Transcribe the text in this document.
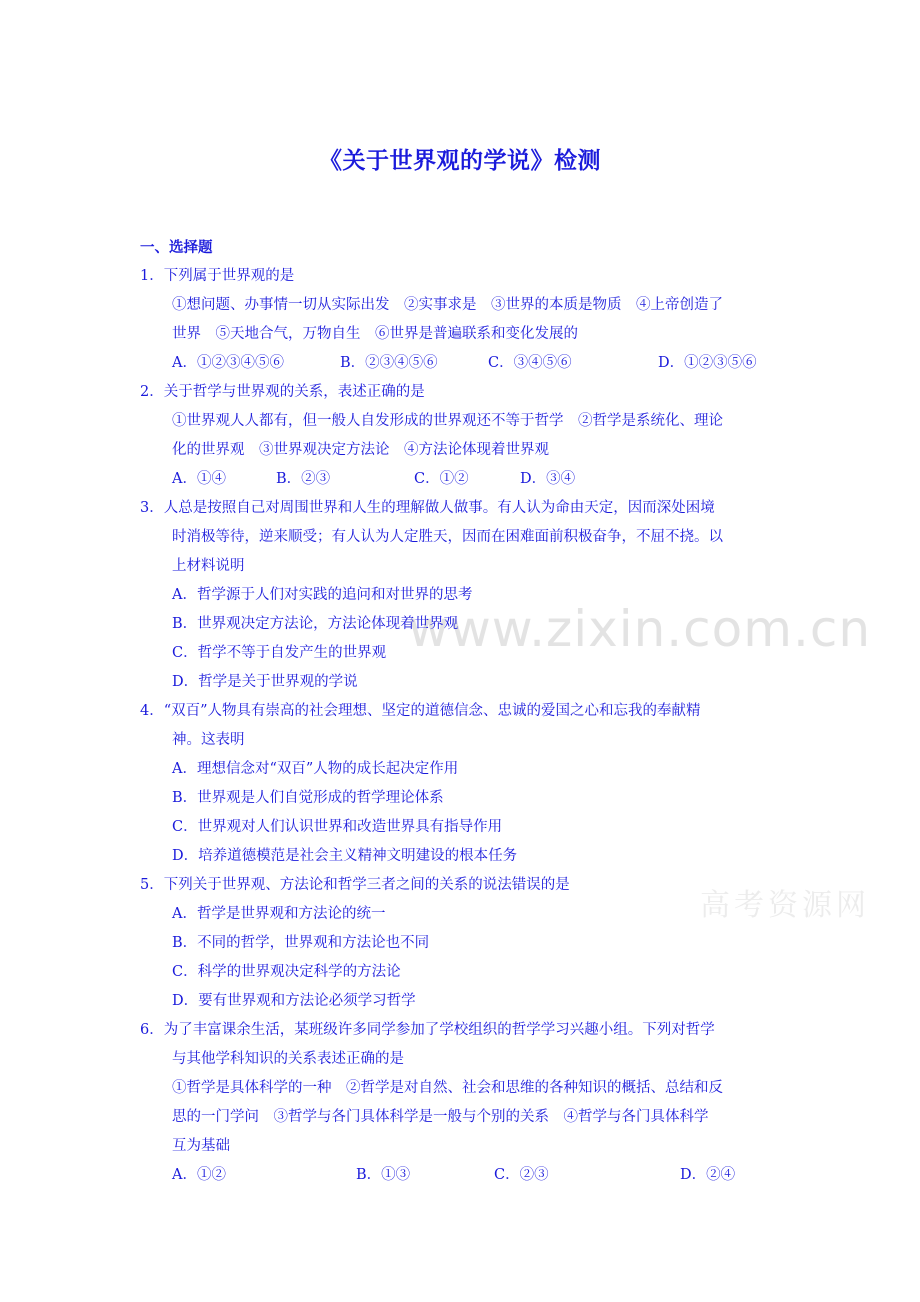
www.zixin.com.cn
高考资源网
《关于世界观的学说》检测
一、选择题
1．下列属于世界观的是
①想问题、办事情一切从实际出发　②实事求是　③世界的本质是物质　④上帝创造了
世界　⑤天地合气，万物自生　⑥世界是普遍联系和变化发展的
A．①②③④⑤⑥	B．②③④⑤⑥	C．③④⑤⑥	D．①②③⑤⑥
2．关于哲学与世界观的关系，表述正确的是
①世界观人人都有，但一般人自发形成的世界观还不等于哲学　②哲学是系统化、理论
化的世界观　③世界观决定方法论　④方法论体现着世界观
A．①④	B．②③	C．①②	D．③④
3．人总是按照自己对周围世界和人生的理解做人做事。有人认为命由天定，因而深处困境
时消极等待，逆来顺受；有人认为人定胜天，因而在困难面前积极奋争，不屈不挠。以
上材料说明
A．哲学源于人们对实践的追问和对世界的思考
B．世界观决定方法论，方法论体现着世界观
C．哲学不等于自发产生的世界观
D．哲学是关于世界观的学说
4．“双百”人物具有崇高的社会理想、坚定的道德信念、忠诚的爱国之心和忘我的奉献精
神。这表明
A．理想信念对“双百”人物的成长起决定作用
B．世界观是人们自觉形成的哲学理论体系
C．世界观对人们认识世界和改造世界具有指导作用
D．培养道德模范是社会主义精神文明建设的根本任务
5．下列关于世界观、方法论和哲学三者之间的关系的说法错误的是
A．哲学是世界观和方法论的统一
B．不同的哲学，世界观和方法论也不同
C．科学的世界观决定科学的方法论
D．要有世界观和方法论必须学习哲学
6．为了丰富课余生活，某班级许多同学参加了学校组织的哲学学习兴趣小组。下列对哲学
与其他学科知识的关系表述正确的是
①哲学是具体科学的一种　②哲学是对自然、社会和思维的各种知识的概括、总结和反
思的一门学问　③哲学与各门具体科学是一般与个别的关系　④哲学与各门具体科学
互为基础
A．①②	B．①③	C．②③	D．②④
